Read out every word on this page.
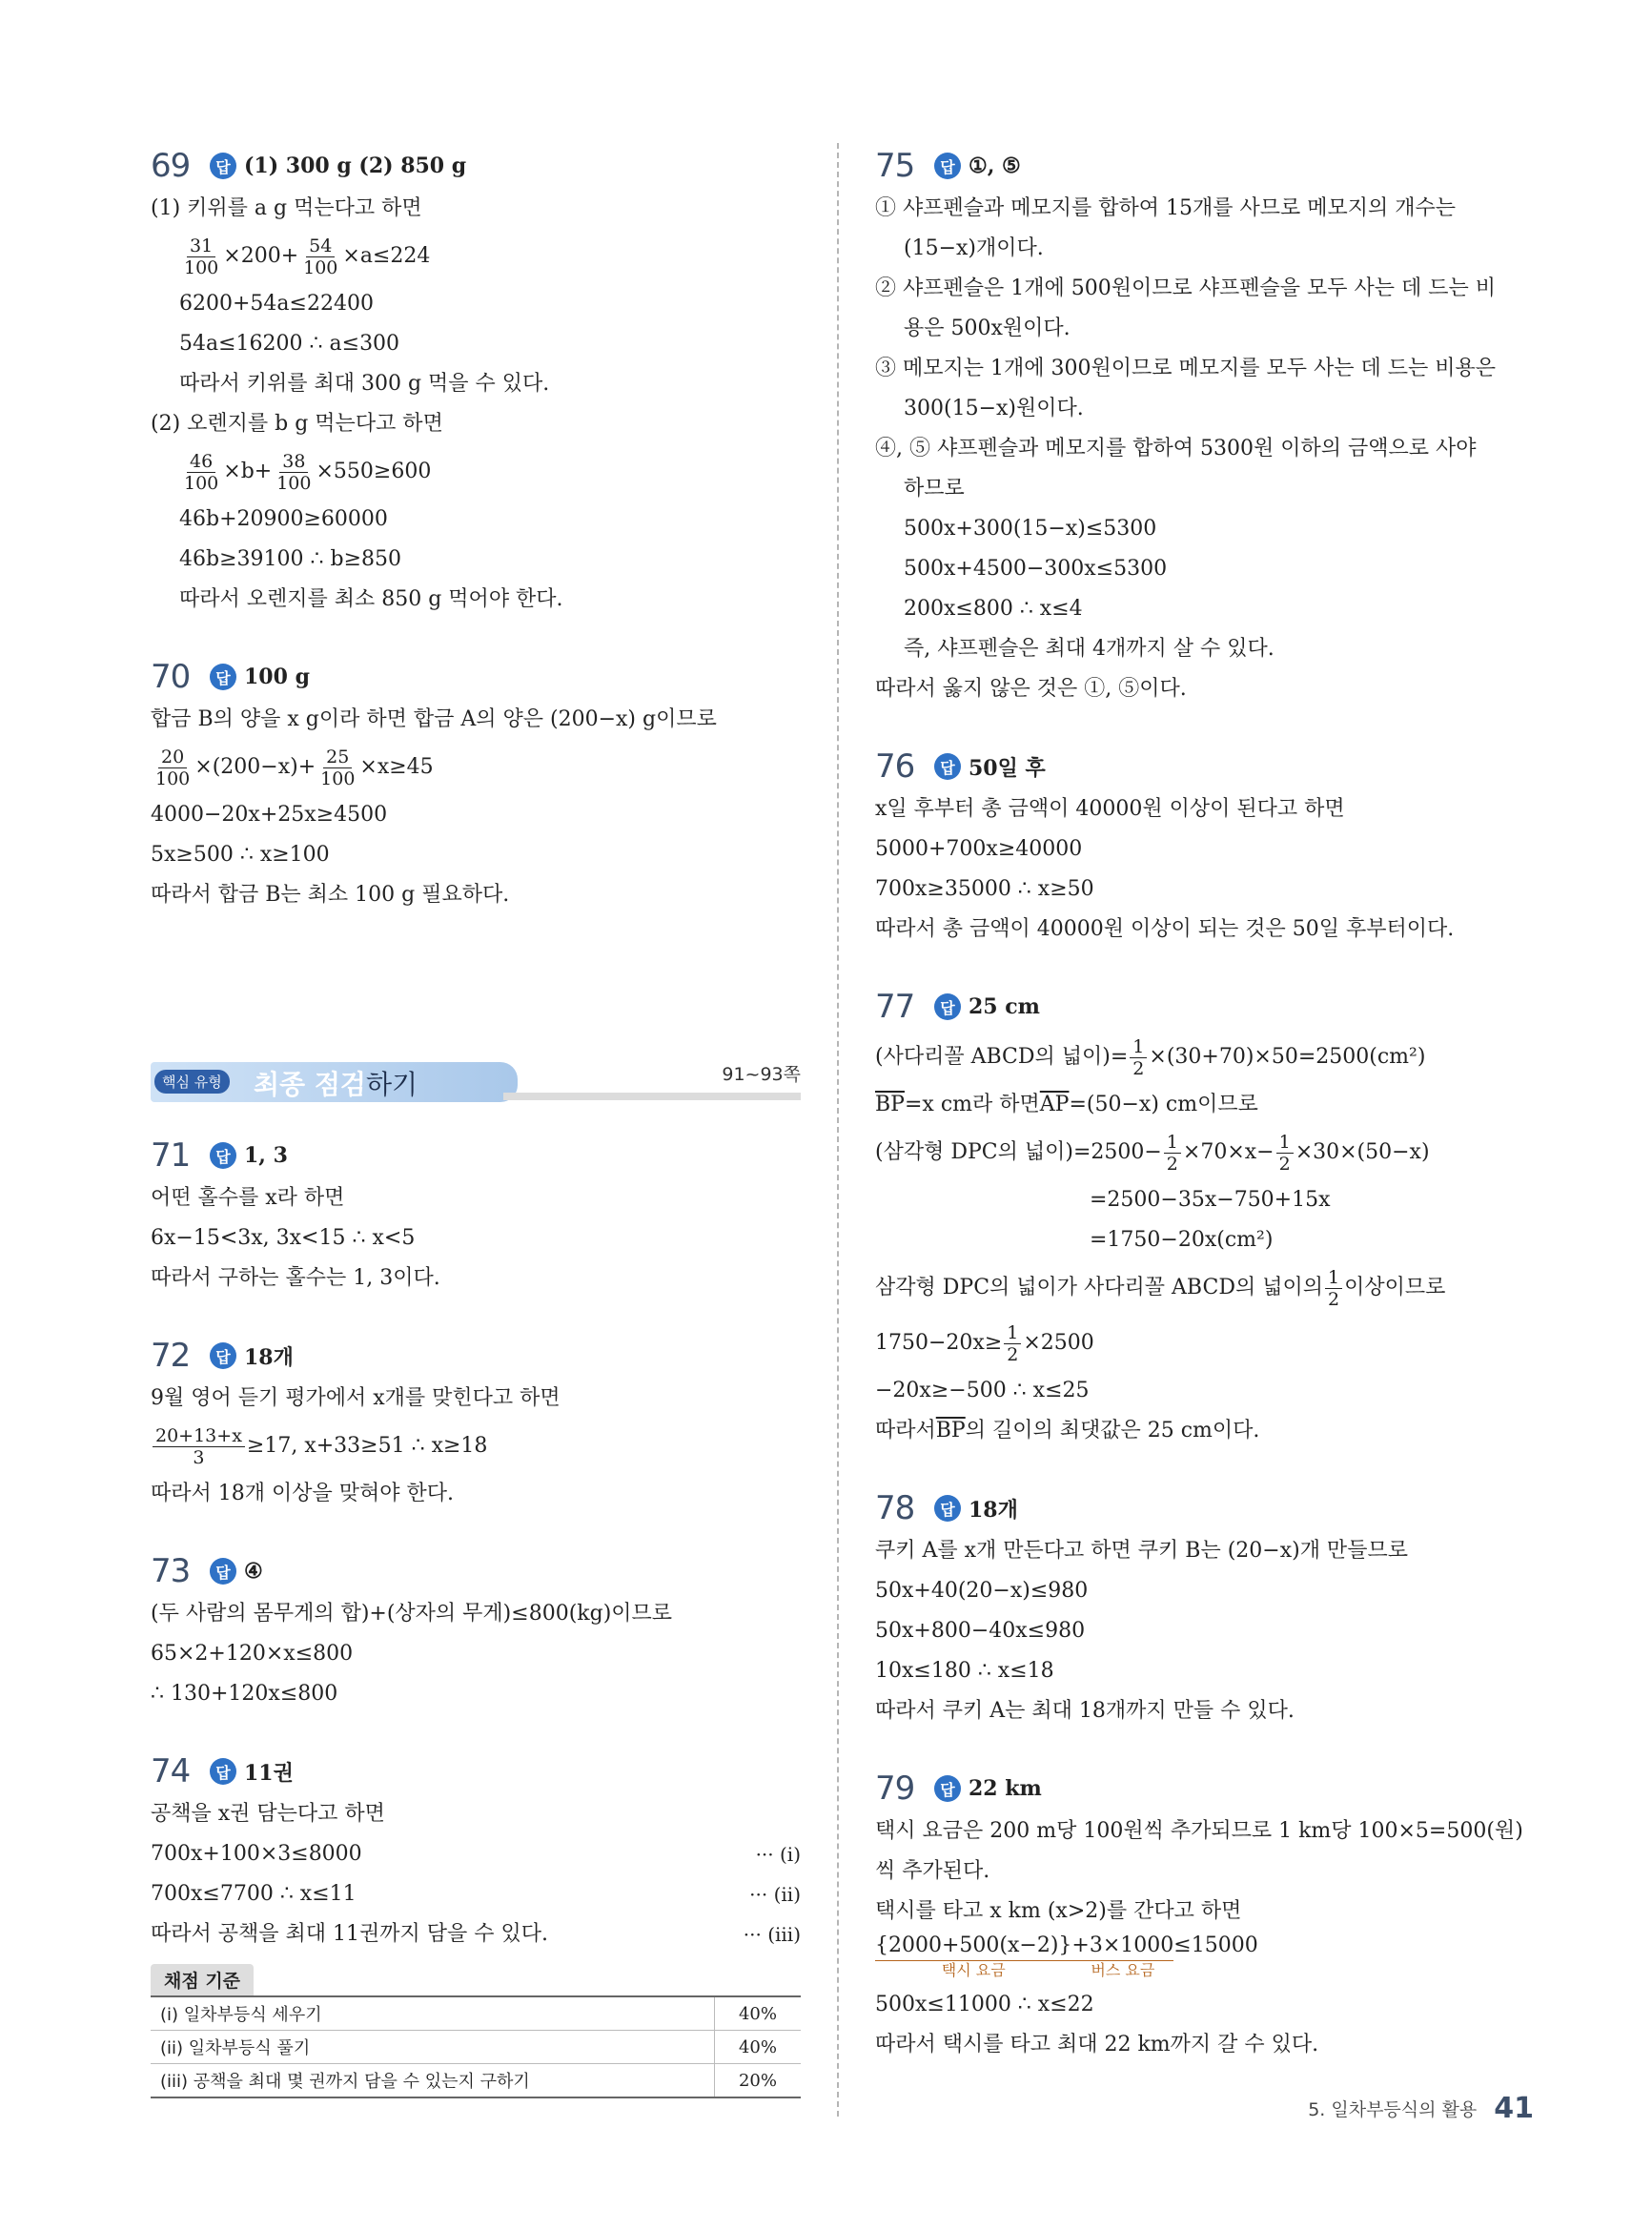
69	답 (1) 300 g (2) 850 g
(1) 키위를 a g 먹는다고 하면
$\frac{31}{100} \times 200+ \frac{54}{100} \times a\le 224$
6200+54a≤22400
54a≤16200 ∴ a≤300
따라서 키위를 최대 300 g 먹을 수 있다.
(2) 오렌지를 b g 먹는다고 하면
$\frac{46}{100} \times b+ \frac{38}{100} \times 550\ge 600$
46b+20900≥60000
46b≥39100 ∴ b≥850
따라서 오렌지를 최소 850 g 먹어야 한다.
70	답 100 g
합금 B의 양을 x g이라 하면 합금 A의 양은 (200−x) g이므로
$\frac{20}{100} \times(200-x)+ \frac{25}{100} \times x\ge 45$
4000−20x+25x≥4500
5x≥500 ∴ x≥100
따라서 합금 B는 최소 100 g 필요하다.
핵심 유형 최종 점검하기	91~93쪽
71	답 1, 3
어떤 홀수를 x라 하면
6x−15<3x, 3x<15 ∴ x<5
따라서 구하는 홀수는 1, 3이다.
72	답 18개
9월 영어 듣기 평가에서 x개를 맞힌다고 하면
$\frac{20+13+x}{3} \ge 17$, x+33≥51 ∴ x≥18
따라서 18개 이상을 맞혀야 한다.
73	답 ④
(두 사람의 몸무게의 합)+(상자의 무게)≤800(kg)이므로
65×2+120×x≤800
∴ 130+120x≤800
74	답 11권
공책을 x권 담는다고 하면
700x+100×3≤8000	··· (i)
700x≤7700 ∴ x≤11	··· (ii)
따라서 공책을 최대 11권까지 담을 수 있다.	··· (iii)
채점 기준
(i) 일차부등식 세우기	40%
(ii) 일차부등식 풀기	40%
(iii) 공책을 최대 몇 권까지 담을 수 있는지 구하기	20%
75	답 ①, ⑤
① 샤프펜슬과 메모지를 합하여 15개를 사므로 메모지의 개수는
(15−x)개이다.
② 샤프펜슬은 1개에 500원이므로 샤프펜슬을 모두 사는 데 드는 비
용은 500x원이다.
③ 메모지는 1개에 300원이므로 메모지를 모두 사는 데 드는 비용은
300(15−x)원이다.
④, ⑤ 샤프펜슬과 메모지를 합하여 5300원 이하의 금액으로 사야
하므로
500x+300(15−x)≤5300
500x+4500−300x≤5300
200x≤800 ∴ x≤4
즉, 샤프펜슬은 최대 4개까지 살 수 있다.
따라서 옳지 않은 것은 ①, ⑤이다.
76	답 50일 후
x일 후부터 총 금액이 40000원 이상이 된다고 하면
5000+700x≥40000
700x≥35000 ∴ x≥50
따라서 총 금액이 40000원 이상이 되는 것은 50일 후부터이다.
77	답 25 cm
(사다리꼴 ABCD의 넓이)= $\frac{1}{2} \times(30+70)\times 50=2500(cm^2)$
$\overline{BP} =x$ cm라 하면 $\overline{AP} =(50-x)$ cm이므로
(삼각형 DPC의 넓이)$=2500- \frac{1}{2} \times 70\times x- \frac{1}{2} \times 30\times(50-x)$
=2500−35x−750+15x
=1750−20x(cm²)
삼각형 DPC의 넓이가 사다리꼴 ABCD의 넓이의 $\frac{1}{2}$ 이상이므로
$1750-20x\ge \frac{1}{2} \times 2500$
−20x≥−500 ∴ x≤25
따라서 $\overline{BP}$ 의 길이의 최댓값은 25 cm이다.
78	답 18개
쿠키 A를 x개 만든다고 하면 쿠키 B는 (20−x)개 만들므로
50x+40(20−x)≤980
50x+800−40x≤980
10x≤180 ∴ x≤18
따라서 쿠키 A는 최대 18개까지 만들 수 있다.
79	답 22 km
택시 요금은 200 m당 100원씩 추가되므로 1 km당 100×5=500(원)
씩 추가된다.
택시를 타고 x km (x>2)를 간다고 하면
{2000+500(x−2)}
택시 요금
+3×1000
버스 요금
≤15000
500x≤11000 ∴ x≤22
따라서 택시를 타고 최대 22 km까지 갈 수 있다.
5. 일차부등식의 활용 41
